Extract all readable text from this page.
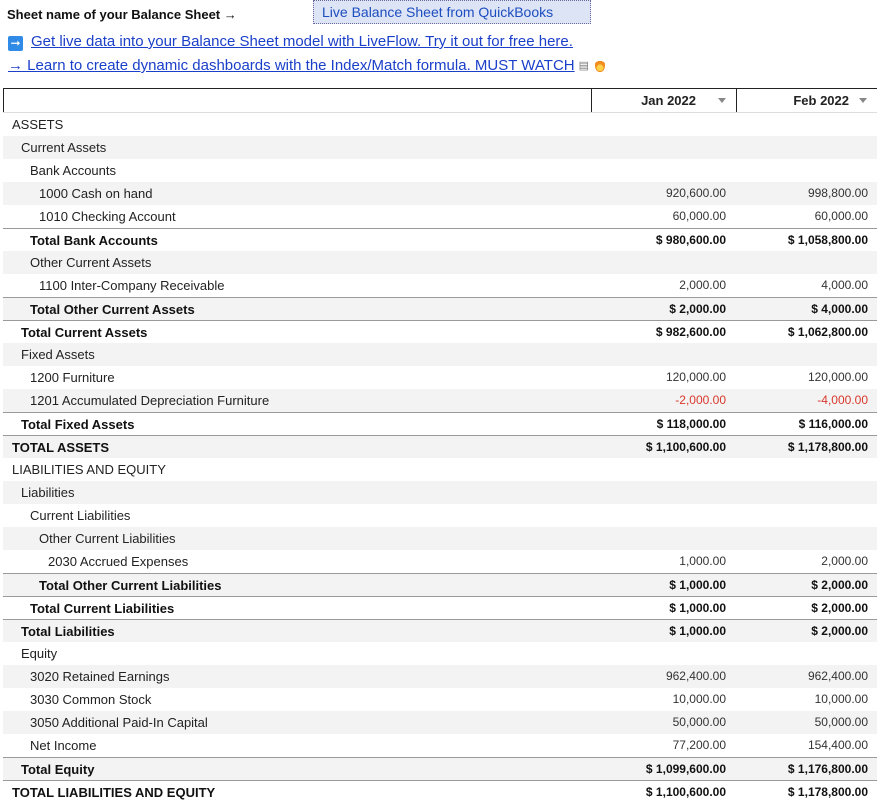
Sheet name of your Balance Sheet →	Live Balance Sheet from QuickBooks
➞ Get live data into your Balance Sheet model with LiveFlow. Try it out for free here.
→ Learn to create dynamic dashboards with the Index/Match formula. MUST WATCH ▤
Jan 2022	Feb 2022
ASSETS
Current Assets
Bank Accounts
1000 Cash on hand	920,600.00	998,800.00
1010 Checking Account	60,000.00	60,000.00
Total Bank Accounts	$ 980,600.00	$ 1,058,800.00
Other Current Assets
1100 Inter-Company Receivable	2,000.00	4,000.00
Total Other Current Assets	$ 2,000.00	$ 4,000.00
Total Current Assets	$ 982,600.00	$ 1,062,800.00
Fixed Assets
1200 Furniture	120,000.00	120,000.00
1201 Accumulated Depreciation Furniture	-2,000.00	-4,000.00
Total Fixed Assets	$ 118,000.00	$ 116,000.00
TOTAL ASSETS	$ 1,100,600.00	$ 1,178,800.00
LIABILITIES AND EQUITY
Liabilities
Current Liabilities
Other Current Liabilities
2030 Accrued Expenses	1,000.00	2,000.00
Total Other Current Liabilities	$ 1,000.00	$ 2,000.00
Total Current Liabilities	$ 1,000.00	$ 2,000.00
Total Liabilities	$ 1,000.00	$ 2,000.00
Equity
3020 Retained Earnings	962,400.00	962,400.00
3030 Common Stock	10,000.00	10,000.00
3050 Additional Paid-In Capital	50,000.00	50,000.00
Net Income	77,200.00	154,400.00
Total Equity	$ 1,099,600.00	$ 1,176,800.00
TOTAL LIABILITIES AND EQUITY	$ 1,100,600.00	$ 1,178,800.00
